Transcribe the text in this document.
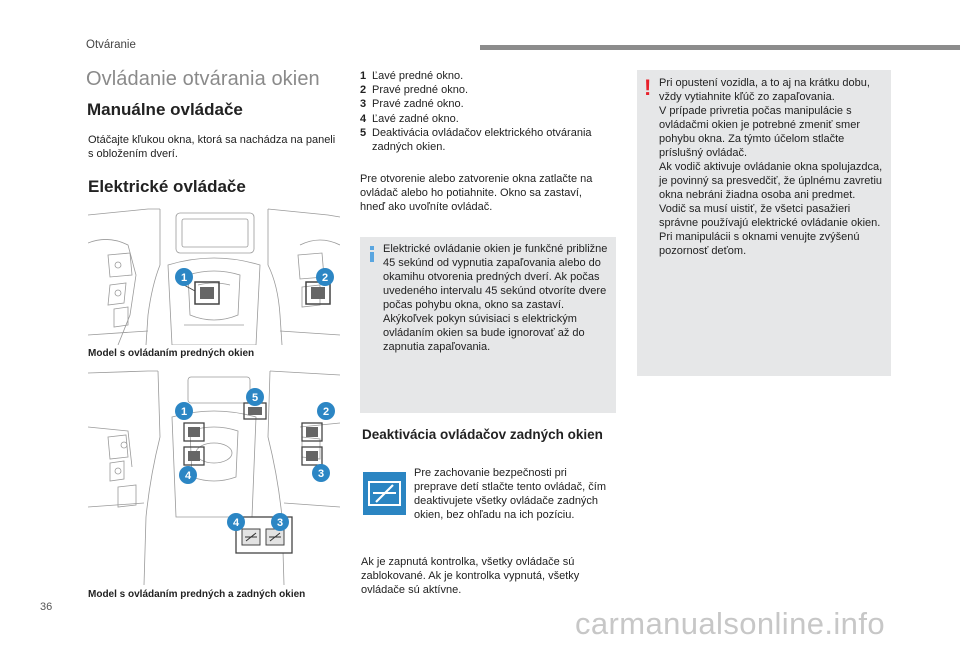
Otváranie
Ovládanie otvárania okien
Manuálne ovládače
Otáčajte kľukou okna, ktorá sa nachádza na paneli s obložením dverí.
Elektrické ovládače
1	2
Model s ovládaním predných okien
1
5
2
4	3
4	3
Model s ovládaním predných a zadných okien
1 Ľavé predné okno.
2 Pravé predné okno.
3 Pravé zadné okno.
4 Ľavé zadné okno.
5 Deaktivácia ovládačov elektrického otvárania zadných okien.
Pre otvorenie alebo zatvorenie okna zatlačte na ovládač alebo ho potiahnite. Okno sa zastaví, hneď ako uvoľníte ovládač.
Elektrické ovládanie okien je funkčné približne 45 sekúnd od vypnutia zapaľovania alebo do okamihu otvorenia predných dverí. Ak počas uvedeného intervalu 45 sekúnd otvoríte dvere počas pohybu okna, okno sa zastaví. Akýkoľvek pokyn súvisiaci s elektrickým ovládaním okien sa bude ignorovať až do zapnutia zapaľovania.
Deaktivácia ovládačov zadných okien
Pre zachovanie bezpečnosti pri preprave detí stlačte tento ovládač, čím deaktivujete všetky ovládače zadných okien, bez ohľadu na ich pozíciu.
Ak je zapnutá kontrolka, všetky ovládače sú zablokované. Ak je kontrolka vypnutá, všetky ovládače sú aktívne.
! Pri opustení vozidla, a to aj na krátku dobu, vždy vytiahnite kľúč zo zapaľovania.
V prípade privretia počas manipulácie s ovládačmi okien je potrebné zmeniť smer pohybu okna. Za týmto účelom stlačte príslušný ovládač.
Ak vodič aktivuje ovládanie okna spolujazdca, je povinný sa presvedčiť, že úplnému zavretiu okna nebráni žiadna osoba ani predmet.
Vodič sa musí uistiť, že všetci pasažieri správne používajú elektrické ovládanie okien.
Pri manipulácii s oknami venujte zvýšenú pozornosť deťom.
36	carmanualsonline.info
